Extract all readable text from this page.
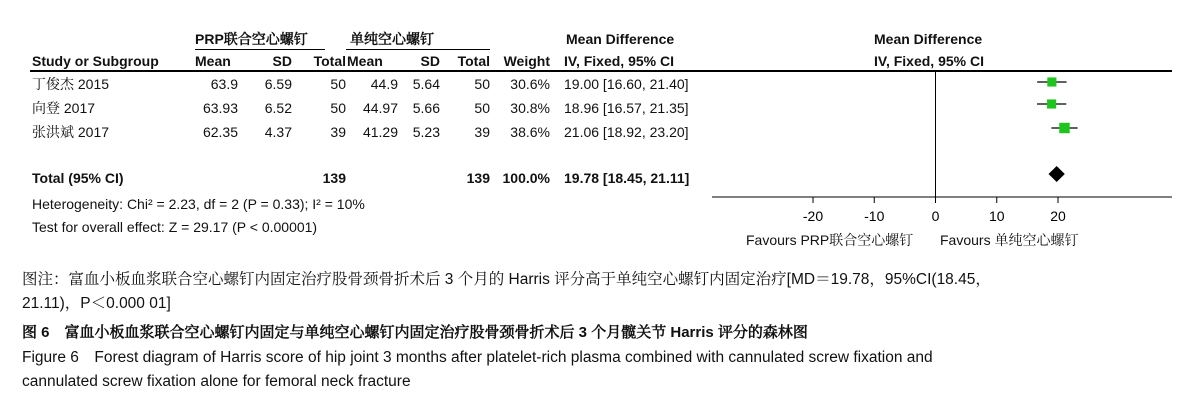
PRP联合空心螺钉	单纯空心螺钉	Mean Difference	Mean Difference
Study or Subgroup	Mean	SD	Total Mean	SD	Total Weight IV, Fixed, 95% CI	IV, Fixed, 95% CI
丁俊杰 2015	63.9	6.59	50	44.9	5.64	50	30.6% 19.00 [16.60, 21.40]
向登 2017	63.93	6.52	50	44.97	5.66	50	30.8% 18.96 [16.57, 21.35]
张洪斌 2017	62.35	4.37	39	41.29	5.23	39	38.6% 21.06 [18.92, 23.20]
Total (95% CI)	139	139 100.0% 19.78 [18.45, 21.11]
Heterogeneity: Chi² = 2.23, df = 2 (P = 0.33); I² = 10%
Test for overall effect: Z = 29.17 (P < 0.00001)
-20	-10	0	10	20
Favours PRP联合空心螺钉 Favours 单纯空心螺钉
图注：富血小板血浆联合空心螺钉内固定治疗股骨颈骨折术后 3 个月的 Harris 评分高于单纯空心螺钉内固定治疗[MD＝19.78，95%CI(18.45，
21.11)，P＜0.000 01]
图 6　富血小板血浆联合空心螺钉内固定与单纯空心螺钉内固定治疗股骨颈骨折术后 3 个月髋关节 Harris 评分的森林图
Figure 6　Forest diagram of Harris score of hip joint 3 months after platelet-rich plasma combined with cannulated screw fixation and
cannulated screw fixation alone for femoral neck fracture
